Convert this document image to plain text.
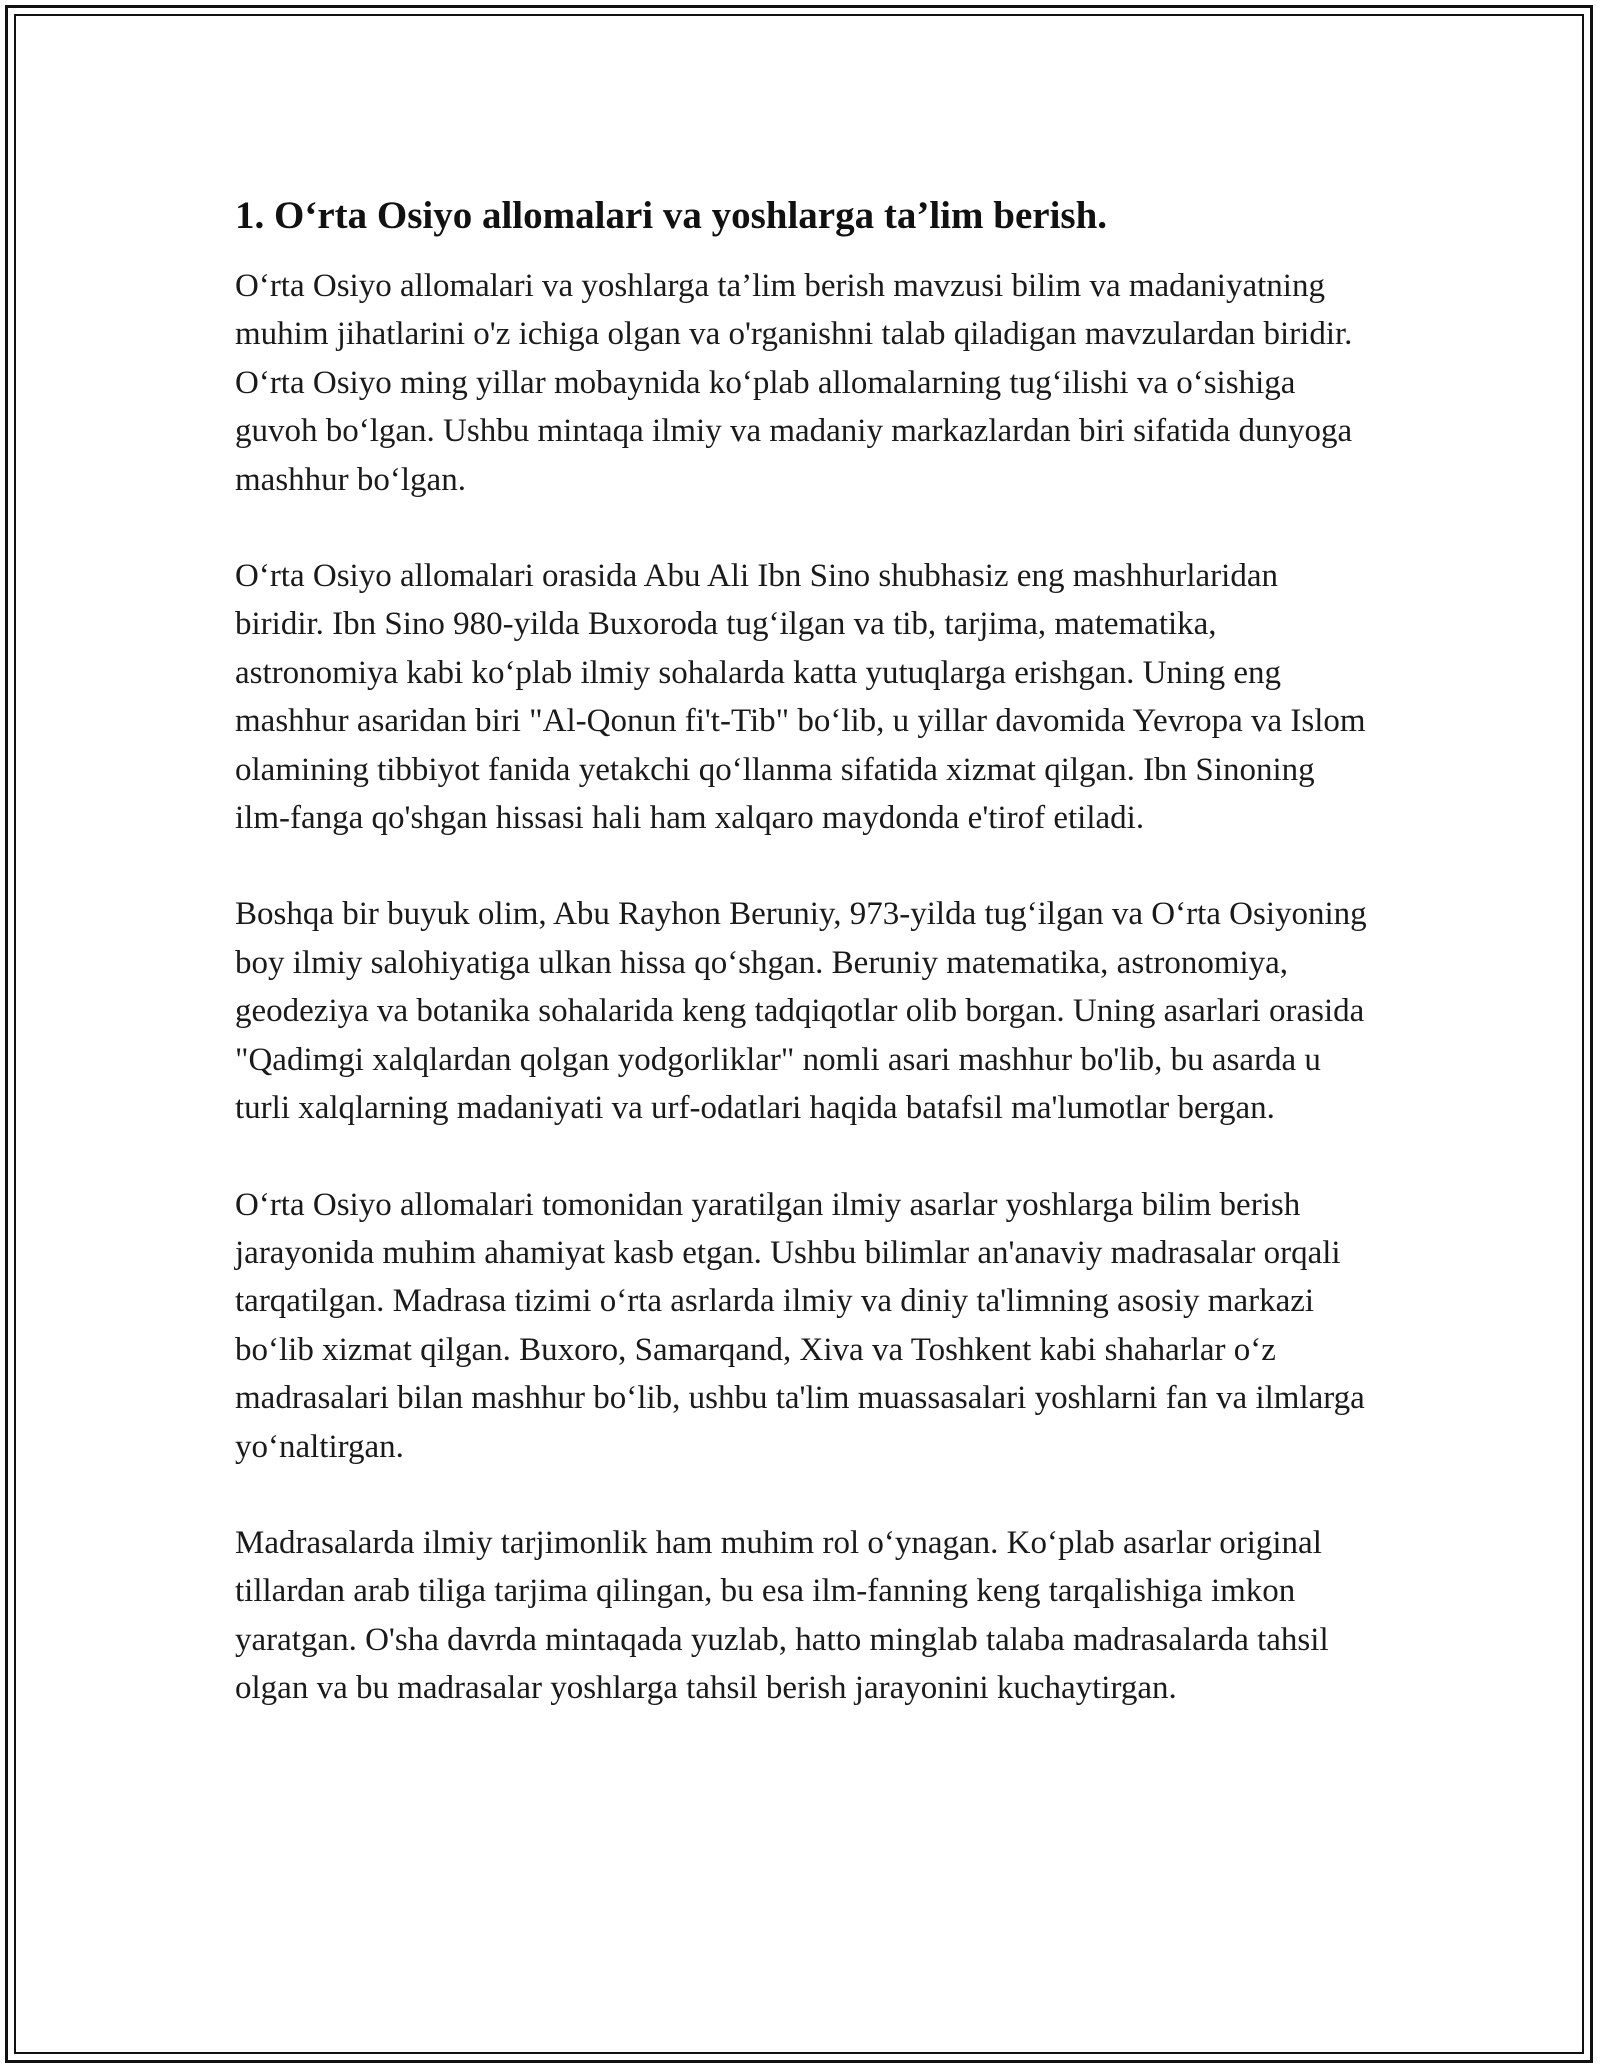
1. O‘rta Osiyo allomalari va yoshlarga ta’lim berish.

O‘rta Osiyo allomalari va yoshlarga ta’lim berish mavzusi bilim va madaniyatning muhim jihatlarini o'z ichiga olgan va o'rganishni talab qiladigan mavzulardan biridir. O‘rta Osiyo ming yillar mobaynida ko‘plab allomalarning tug‘ilishi va o‘sishiga guvoh bo‘lgan. Ushbu mintaqa ilmiy va madaniy markazlardan biri sifatida dunyoga mashhur bo‘lgan.

O‘rta Osiyo allomalari orasida Abu Ali Ibn Sino shubhasiz eng mashhurlaridan biridir. Ibn Sino 980-yilda Buxoroda tug‘ilgan va tib, tarjima, matematika, astronomiya kabi ko‘plab ilmiy sohalarda katta yutuqlarga erishgan. Uning eng mashhur asaridan biri "Al-Qonun fi't-Tib" bo‘lib, u yillar davomida Yevropa va Islom olamining tibbiyot fanida yetakchi qo‘llanma sifatida xizmat qilgan. Ibn Sinoning ilm-fanga qo'shgan hissasi hali ham xalqaro maydonda e'tirof etiladi.

Boshqa bir buyuk olim, Abu Rayhon Beruniy, 973-yilda tug‘ilgan va O‘rta Osiyoning boy ilmiy salohiyatiga ulkan hissa qo‘shgan. Beruniy matematika, astronomiya, geodeziya va botanika sohalarida keng tadqiqotlar olib borgan. Uning asarlari orasida "Qadimgi xalqlardan qolgan yodgorliklar" nomli asari mashhur bo'lib, bu asarda u turli xalqlarning madaniyati va urf-odatlari haqida batafsil ma'lumotlar bergan.

O‘rta Osiyo allomalari tomonidan yaratilgan ilmiy asarlar yoshlarga bilim berish jarayonida muhim ahamiyat kasb etgan. Ushbu bilimlar an'anaviy madrasalar orqali tarqatilgan. Madrasa tizimi o‘rta asrlarda ilmiy va diniy ta'limning asosiy markazi bo‘lib xizmat qilgan. Buxoro, Samarqand, Xiva va Toshkent kabi shaharlar o‘z madrasalari bilan mashhur bo‘lib, ushbu ta'lim muassasalari yoshlarni fan va ilmlarga yo‘naltirgan.

Madrasalarda ilmiy tarjimonlik ham muhim rol o‘ynagan. Ko‘plab asarlar original tillardan arab tiliga tarjima qilingan, bu esa ilm-fanning keng tarqalishiga imkon yaratgan. O'sha davrda mintaqada yuzlab, hatto minglab talaba madrasalarda tahsil olgan va bu madrasalar yoshlarga tahsil berish jarayonini kuchaytirgan.
